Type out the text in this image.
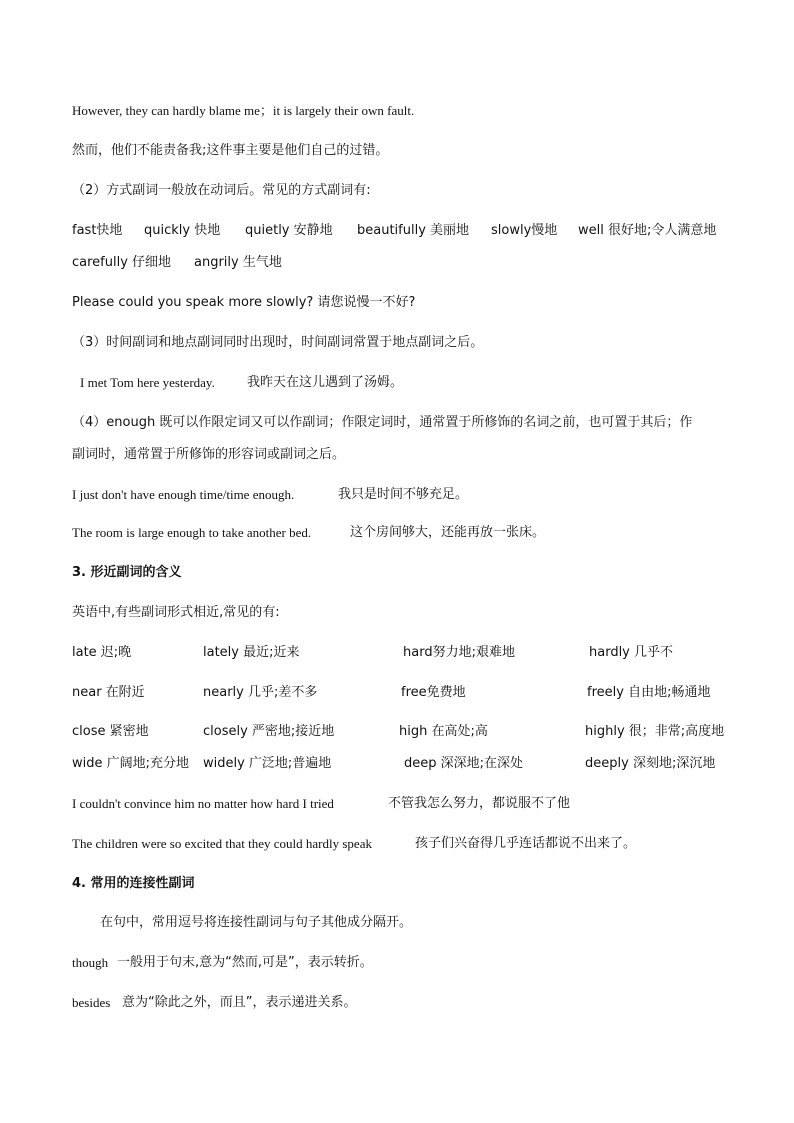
However, they can hardly blame me；it is largely their own fault.
然而，他们不能责备我;这件事主要是他们自己的过错。
（2）方式副词一般放在动词后。常见的方式副词有:
fast快地 quickly 快地 quietly 安静地 beautifully 美丽地 slowly慢地 well 很好地;令人满意地
carefully 仔细地 angrily 生气地
Please could you speak more slowly? 请您说慢一不好?
（3）时间副词和地点副词同时出现时，时间副词常置于地点副词之后。
I met Tom here yesterday. 我昨天在这儿遇到了汤姆。
（4）enough 既可以作限定词又可以作副词；作限定词时，通常置于所修饰的名词之前，也可置于其后；作
副词时，通常置于所修饰的形容词或副词之后。
I just don't have enough time/time enough.	我只是时间不够充足。
The room is large enough to take another bed.	这个房间够大，还能再放一张床。
3. 形近副词的含义
英语中,有些副词形式相近,常见的有:
late 迟;晚	lately 最近;近来	hard努力地;艰难地	hardly 几乎不
near 在附近	nearly 几乎;差不多	free免费地	freely 自由地;畅通地
close 紧密地	closely 严密地;接近地	high 在高处;高	highly 很；非常;高度地
wide 广阔地;充分地 widely 广泛地;普遍地	deep 深深地;在深处	deeply 深刻地;深沉地
I couldn't convince him no matter how hard I tried	不管我怎么努力，都说服不了他
The children were so excited that they could hardly speak	孩子们兴奋得几乎连话都说不出来了。
4. 常用的连接性副词
在句中，常用逗号将连接性副词与句子其他成分隔开。
though 一般用于句末,意为“然而,可是”，表示转折。
besides 意为“除此之外，而且”，表示递进关系。
